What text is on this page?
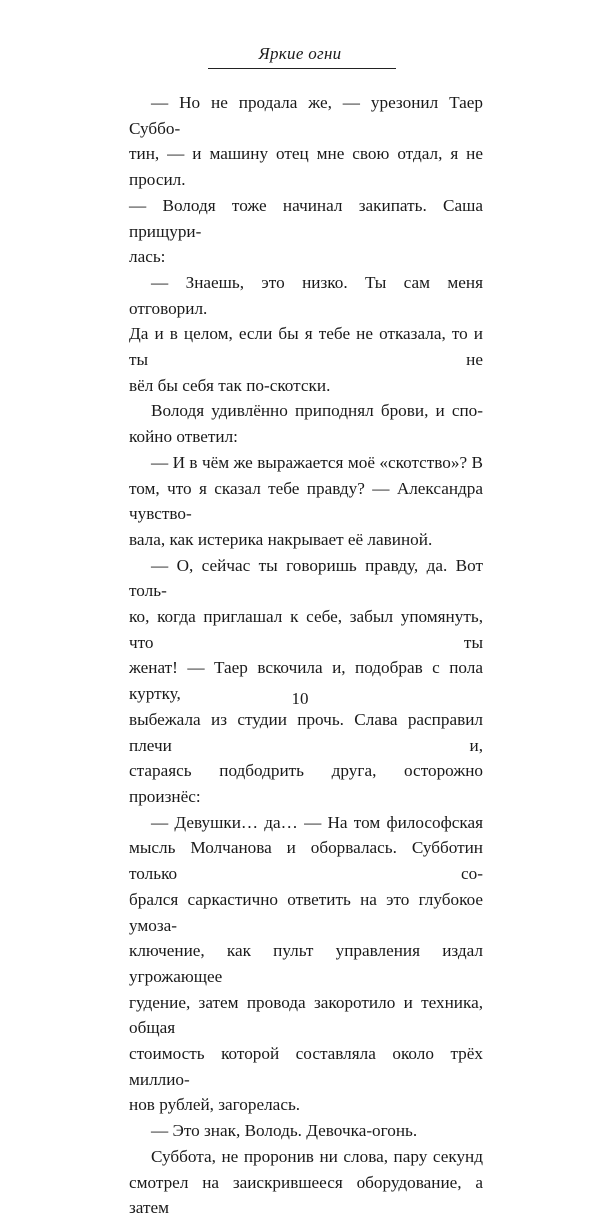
Яркие огни

— Но не продала же, — урезонил Таер Суббо-

тин, — и машину отец мне свою отдал, я не просил.

— Володя тоже начинал закипать. Саша прищури-

лась:

— Знаешь, это низко. Ты сам меня отговорил.

Да и в целом, если бы я тебе не отказала, то и ты не

вёл бы себя так по-скотски.

Володя удивлённо приподнял брови, и спо-

койно ответил:

— И в чём же выражается моё «скотство»? В

том, что я сказал тебе правду? — Александра чувство-

вала, как истерика накрывает её лавиной.

— О, сейчас ты говоришь правду, да. Вот толь-

ко, когда приглашал к себе, забыл упомянуть, что ты

женат! — Таер вскочила и, подобрав с пола куртку,

выбежала из студии прочь. Слава расправил плечи и,

стараясь подбодрить друга, осторожно произнёс:

— Девушки… да… — На том философская

мысль Молчанова и оборвалась. Субботин только со-

брался саркастично ответить на это глубокое умоза-

ключение, как пульт управления издал угрожающее

гудение, затем провода закоротило и техника, общая

стоимость которой составляла около трёх миллио-

нов рублей, загорелась.

— Это знак, Володь. Девочка-огонь.

Суббота, не проронив ни слова, пару секунд

смотрел на заискрившееся оборудование, а затем

10
